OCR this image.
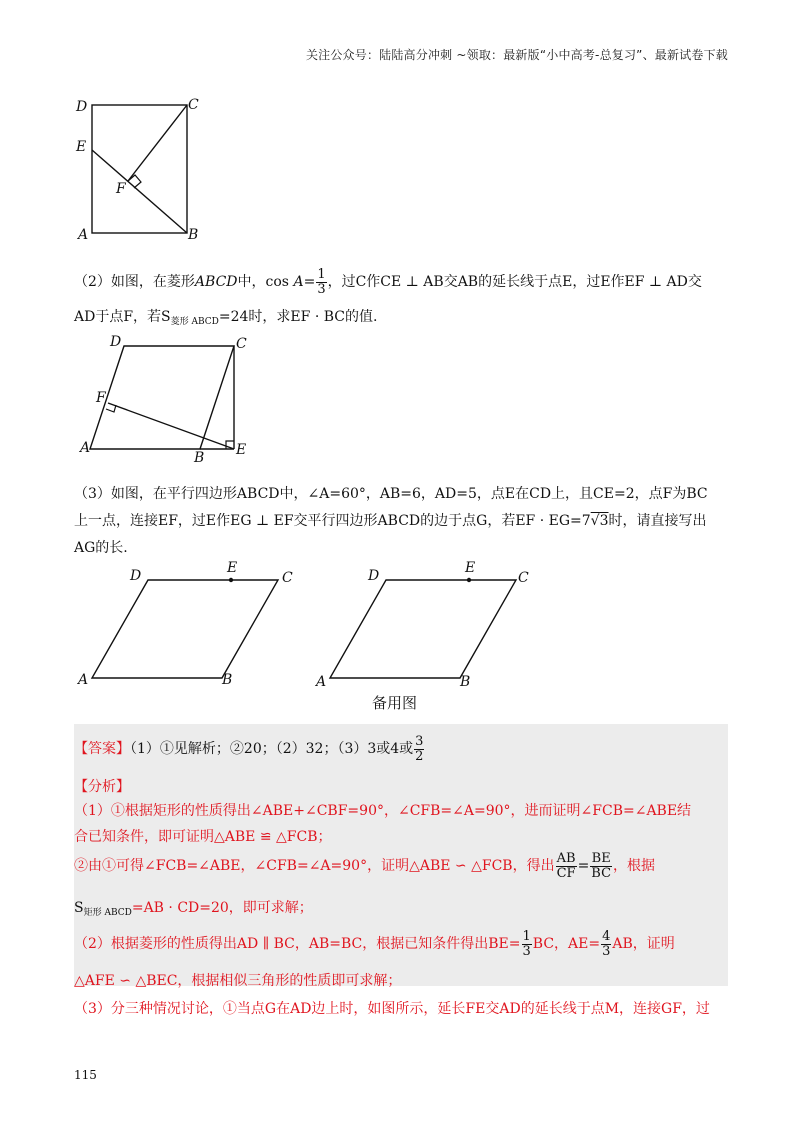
关注公众号：陆陆高分冲刺 ~领取：最新版“小中高考-总复习”、最新试卷下载
D	C
E
F
A	B
（2）如图，在菱形ABCD中，$\cos A= \frac{1}{3}$ ，过C作CE ⊥ AB交AB的延长线于点E，过E作EF ⊥ AD交
AD于点F，若$S_{菱形 ABCD}=24$时，求EF · BC的值.
D	C
F
A
B E
（3）如图，在平行四边形ABCD中，∠A=60°，AB=6，AD=5，点E在CD上，且CE=2，点F为BC
上一点，连接EF，过E作EG ⊥ EF交平行四边形ABCD的边于点G，若EF · EG=7√3时，请直接写出
AG的长.
D	E
C
A	B
D	E
C
A	B
备用图
【答案】（1）①见解析；②20；（2）32；（3）3或4或 $\frac{3}{2}$
【分析】
（1）①根据矩形的性质得出∠ABE+∠CBF=90°，∠CFB=∠A=90°，进而证明∠FCB=∠ABE结
合已知条件，即可证明△ABE ≌ △FCB；
②由①可得∠FCB=∠ABE，∠CFB=∠A=90°，证明△ABE ∽ △FCB，得出 $\frac{AB}{CF} = \frac{BE}{BC}$ ，根据
$S_{矩形 ABCD}=AB \cdot CD=20$，即可求解；
（2）根据菱形的性质得出AD ∥ BC，AB=BC，根据已知条件得出$BE= \frac{1}{3}$ BC，$AE= \frac{4}{3}$ AB，证明
△AFE ∽ △BEC，根据相似三角形的性质即可求解；
（3）分三种情况讨论，①当点G在AD边上时，如图所示，延长FE交AD的延长线于点M，连接GF，过
115
